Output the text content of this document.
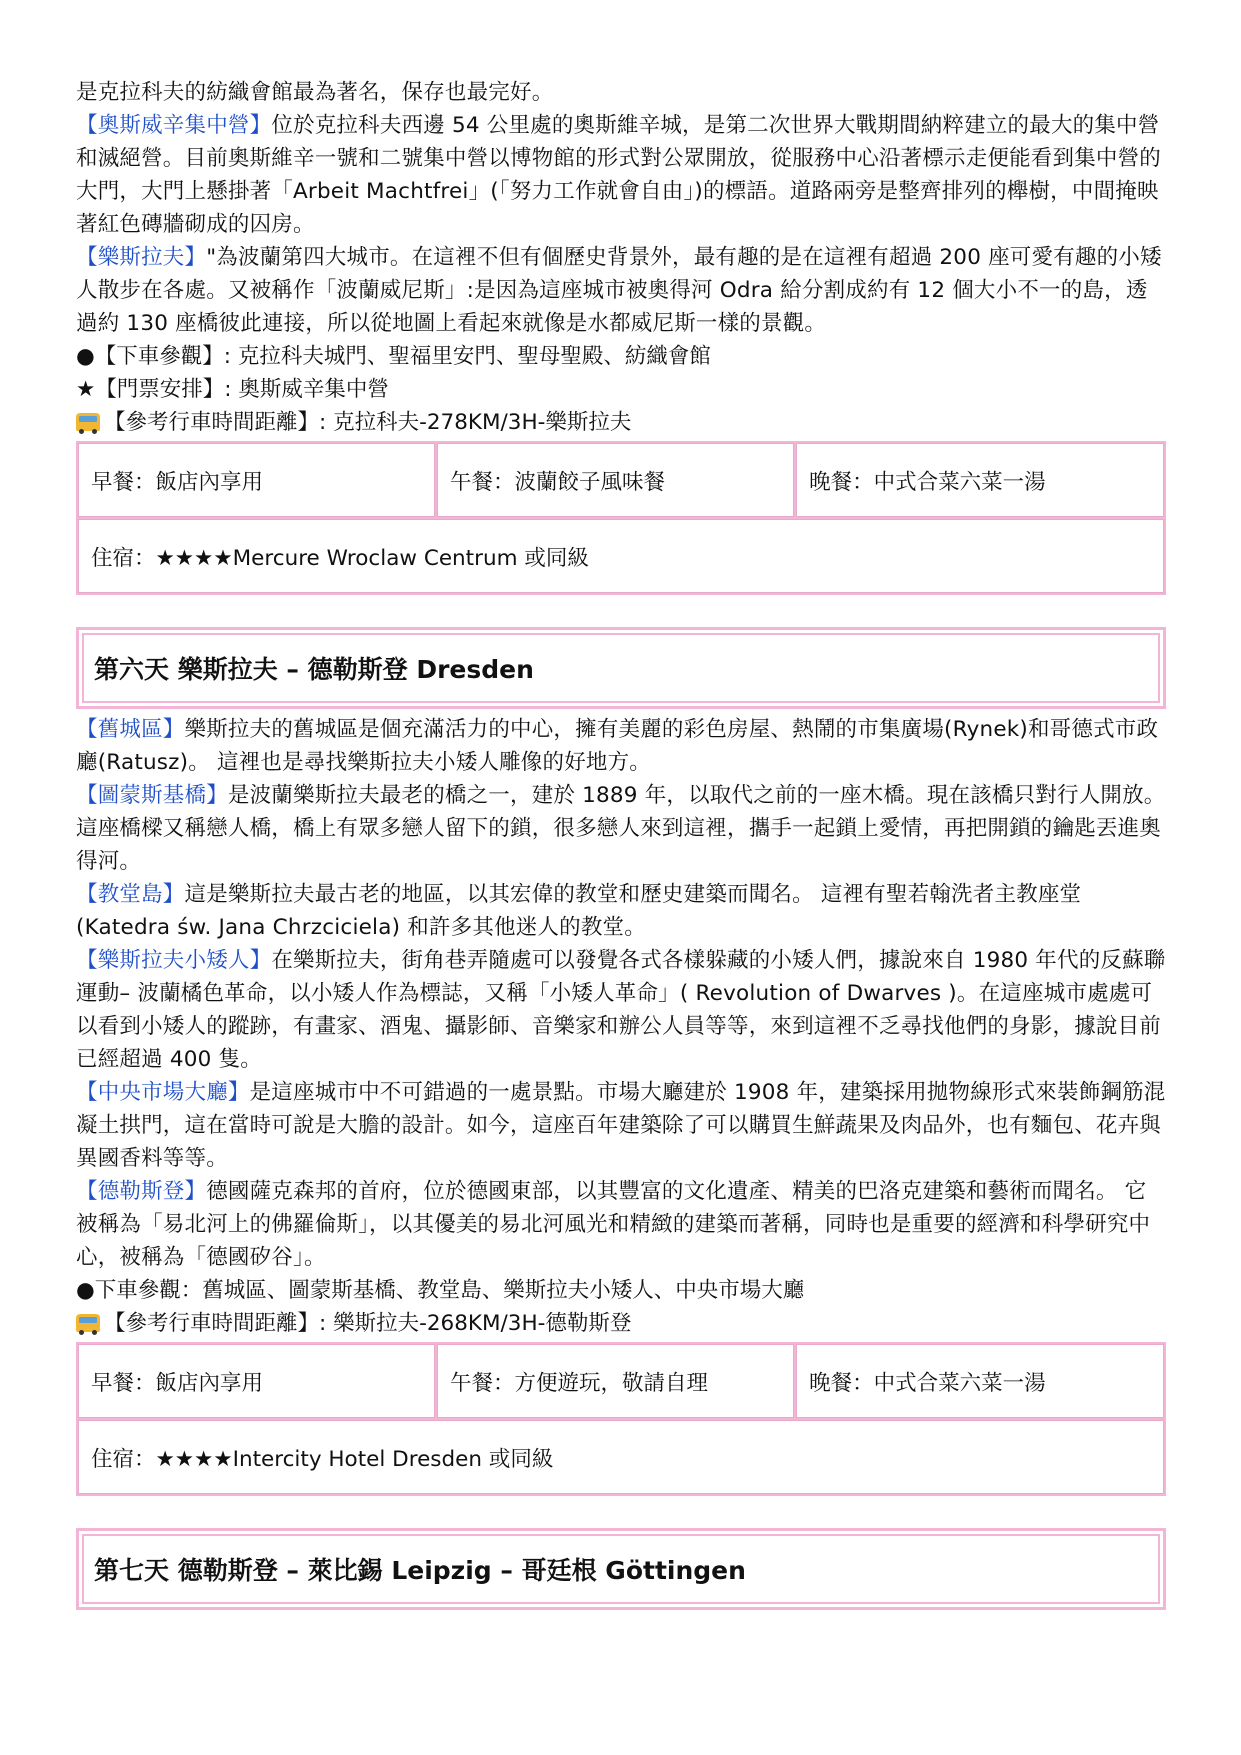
是克拉科夫的紡織會館最為著名，保存也最完好。

【奧斯威辛集中營】位於克拉科夫西邊 54 公里處的奧斯維辛城，是第二次世界大戰期間納粹建立的最大的集中營和滅絕營。目前奧斯維辛一號和二號集中營以博物館的形式對公眾開放，從服務中心沿著標示走便能看到集中營的大門，大門上懸掛著「Arbeit Machtfrei」(「努力工作就會自由」)的標語。道路兩旁是整齊排列的櫸樹，中間掩映著紅色磚牆砌成的囚房。

【樂斯拉夫】"為波蘭第四大城市。在這裡不但有個歷史背景外，最有趣的是在這裡有超過 200 座可愛有趣的小矮人散步在各處。又被稱作「波蘭威尼斯」:是因為這座城市被奧得河 Odra 給分割成約有 12 個大小不一的島，透過約 130 座橋彼此連接，所以從地圖上看起來就像是水都威尼斯一樣的景觀。

●【下車參觀】: 克拉科夫城門、聖福里安門、聖母聖殿、紡織會館

★【門票安排】: 奧斯威辛集中營

【參考行車時間距離】: 克拉科夫-278KM/3H-樂斯拉夫

早餐：飯店內享用	午餐：波蘭餃子風味餐	晚餐：中式合菜六菜一湯
住宿：★★★★Mercure Wroclaw Centrum 或同級
第六天 樂斯拉夫 – 德勒斯登 Dresden

【舊城區】樂斯拉夫的舊城區是個充滿活力的中心，擁有美麗的彩色房屋、熱鬧的市集廣場(Rynek)和哥德式市政廳(Ratusz)。 這裡也是尋找樂斯拉夫小矮人雕像的好地方。

【圖蒙斯基橋】是波蘭樂斯拉夫最老的橋之一，建於 1889 年，以取代之前的一座木橋。現在該橋只對行人開放。這座橋樑又稱戀人橋，橋上有眾多戀人留下的鎖，很多戀人來到這裡，攜手一起鎖上愛情，再把開鎖的鑰匙丟進奧得河。

【教堂島】這是樂斯拉夫最古老的地區，以其宏偉的教堂和歷史建築而聞名。 這裡有聖若翰洗者主教座堂(Katedra św. Jana Chrzciciela) 和許多其他迷人的教堂。

【樂斯拉夫小矮人】在樂斯拉夫，街角巷弄隨處可以發覺各式各樣躲藏的小矮人們，據說來自 1980 年代的反蘇聯運動– 波蘭橘色革命，以小矮人作為標誌，又稱「小矮人革命」( Revolution of Dwarves )。在這座城市處處可以看到小矮人的蹤跡，有畫家、酒鬼、攝影師、音樂家和辦公人員等等，來到這裡不乏尋找他們的身影，據說目前已經超過 400 隻。

【中央市場大廳】是這座城市中不可錯過的一處景點。市場大廳建於 1908 年，建築採用拋物線形式來裝飾鋼筋混凝土拱門，這在當時可說是大膽的設計。如今，這座百年建築除了可以購買生鮮蔬果及肉品外，也有麵包、花卉與異國香料等等。

【德勒斯登】德國薩克森邦的首府，位於德國東部，以其豐富的文化遺產、精美的巴洛克建築和藝術而聞名。 它被稱為「易北河上的佛羅倫斯」，以其優美的易北河風光和精緻的建築而著稱，同時也是重要的經濟和科學研究中心，被稱為「德國矽谷」。

●下車參觀：舊城區、圖蒙斯基橋、教堂島、樂斯拉夫小矮人、中央市場大廳

【參考行車時間距離】: 樂斯拉夫-268KM/3H-德勒斯登

早餐：飯店內享用	午餐：方便遊玩，敬請自理	晚餐：中式合菜六菜一湯
住宿：★★★★Intercity Hotel Dresden 或同級
第七天 德勒斯登 – 萊比錫 Leipzig – 哥廷根 Göttingen
